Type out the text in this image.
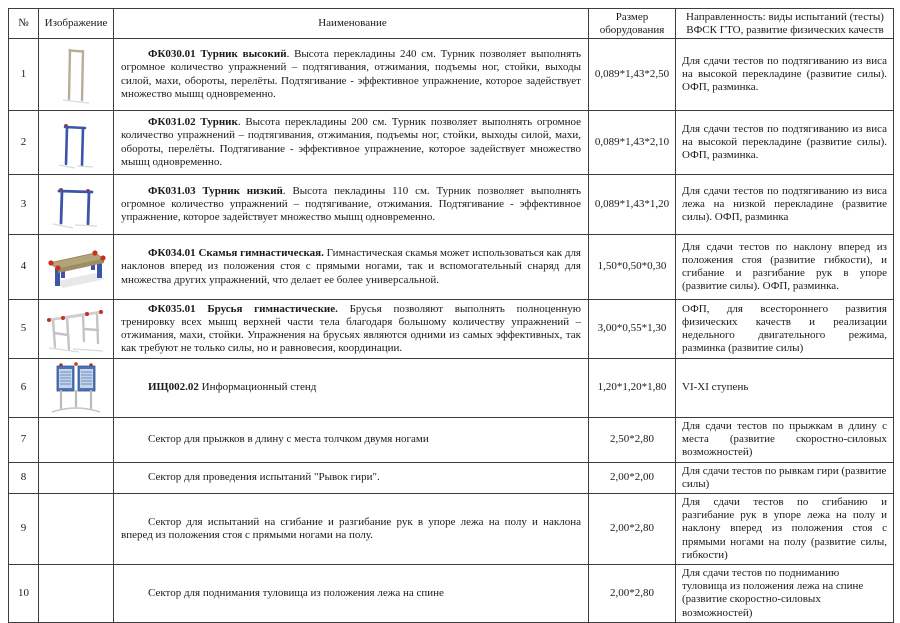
№	Изображение	Наименование	Размер оборудования	Направленность: виды испытаний (тесты) ВФСК ГТО, развитие физических качеств
1		ФК030.01 Турник высокий. Высота перекладины 240 см. Турник позволяет выполнять огромное количество упражнений – подтягивания, отжимания, подъемы ног, стойки, выходы силой, махи, обороты, перелёты. Подтягивание - эффективное упражнение, которое задействует множество мышц одновременно.	0,089*1,43*2,50	Для сдачи тестов по подтягиванию из виса на высокой перекладине (развитие силы). ОФП, разминка.
2		ФК031.02 Турник. Высота перекладины 200 см. Турник позволяет выполнять огромное количество упражнений – подтягивания, отжимания, подъемы ног, стойки, выходы силой, махи, обороты, перелёты. Подтягивание - эффективное упражнение, которое задействует множество мышц одновременно.	0,089*1,43*2,10	Для сдачи тестов по подтягиванию из виса на высокой перекладине (развитие силы). ОФП, разминка.
3		ФК031.03 Турник низкий. Высота пекладины 110 см. Турник позволяет выполнять огромное количество упражнений – подтягивание, отжимания. Подтягивание - эффективное упражнение, которое задействует множество мышц одновременно.	0,089*1,43*1,20	Для сдачи тестов по подтягиванию из виса лежа на низкой перекладине (развитие силы). ОФП, разминка
4		ФК034.01 Скамья гимнастическая. Гимнастическая скамья может использоваться как для наклонов вперед из положения стоя с прямыми ногами, так и вспомогательный снаряд для множества других упражнений, что делает ее более универсальной.	1,50*0,50*0,30	Для сдачи тестов по наклону вперед из положения стоя (развитие гибкости), и сгибание и разгибание рук в упоре (развитие силы). ОФП, разминка.
5		ФК035.01 Брусья гимнастические. Брусья позволяют выполнять полноценную тренировку всех мышц верхней части тела благодаря большому количеству упражнений – отжимания, махи, стойки. Упражнения на брусьях являются одними из самых эффективных, так как требуют не только силы, но и равновесия, координации.	3,00*0,55*1,30	ОФП, для всестороннего развития физических качеств и реализации недельного двигательного режима, разминка (развитие силы)
6		ИЩ002.02 Информационный стенд	1,20*1,20*1,80	VI-XI ступень
7		Сектор для прыжков в длину с места толчком двумя ногами	2,50*2,80	Для сдачи тестов по прыжкам в длину с места (развитие скоростно-силовых возможностей)
8		Сектор для проведения испытаний "Рывок гири".	2,00*2,00	Для сдачи тестов по рывкам гири (развитие силы)
9		Сектор для испытаний на сгибание и разгибание рук в упоре лежа на полу и наклона вперед из положения стоя с прямыми ногами на полу.	2,00*2,80	Для сдачи тестов по сгибанию и разгибание рук в упоре лежа на полу и наклону вперед из положения стоя с прямыми ногами на полу (развитие силы, гибкости)
10		Сектор для поднимания туловища из положения лежа на спине	2,00*2,80	Для сдачи тестов по подниманию туловища из положения лежа на спине (развитие скоростно-силовых возможностей)
